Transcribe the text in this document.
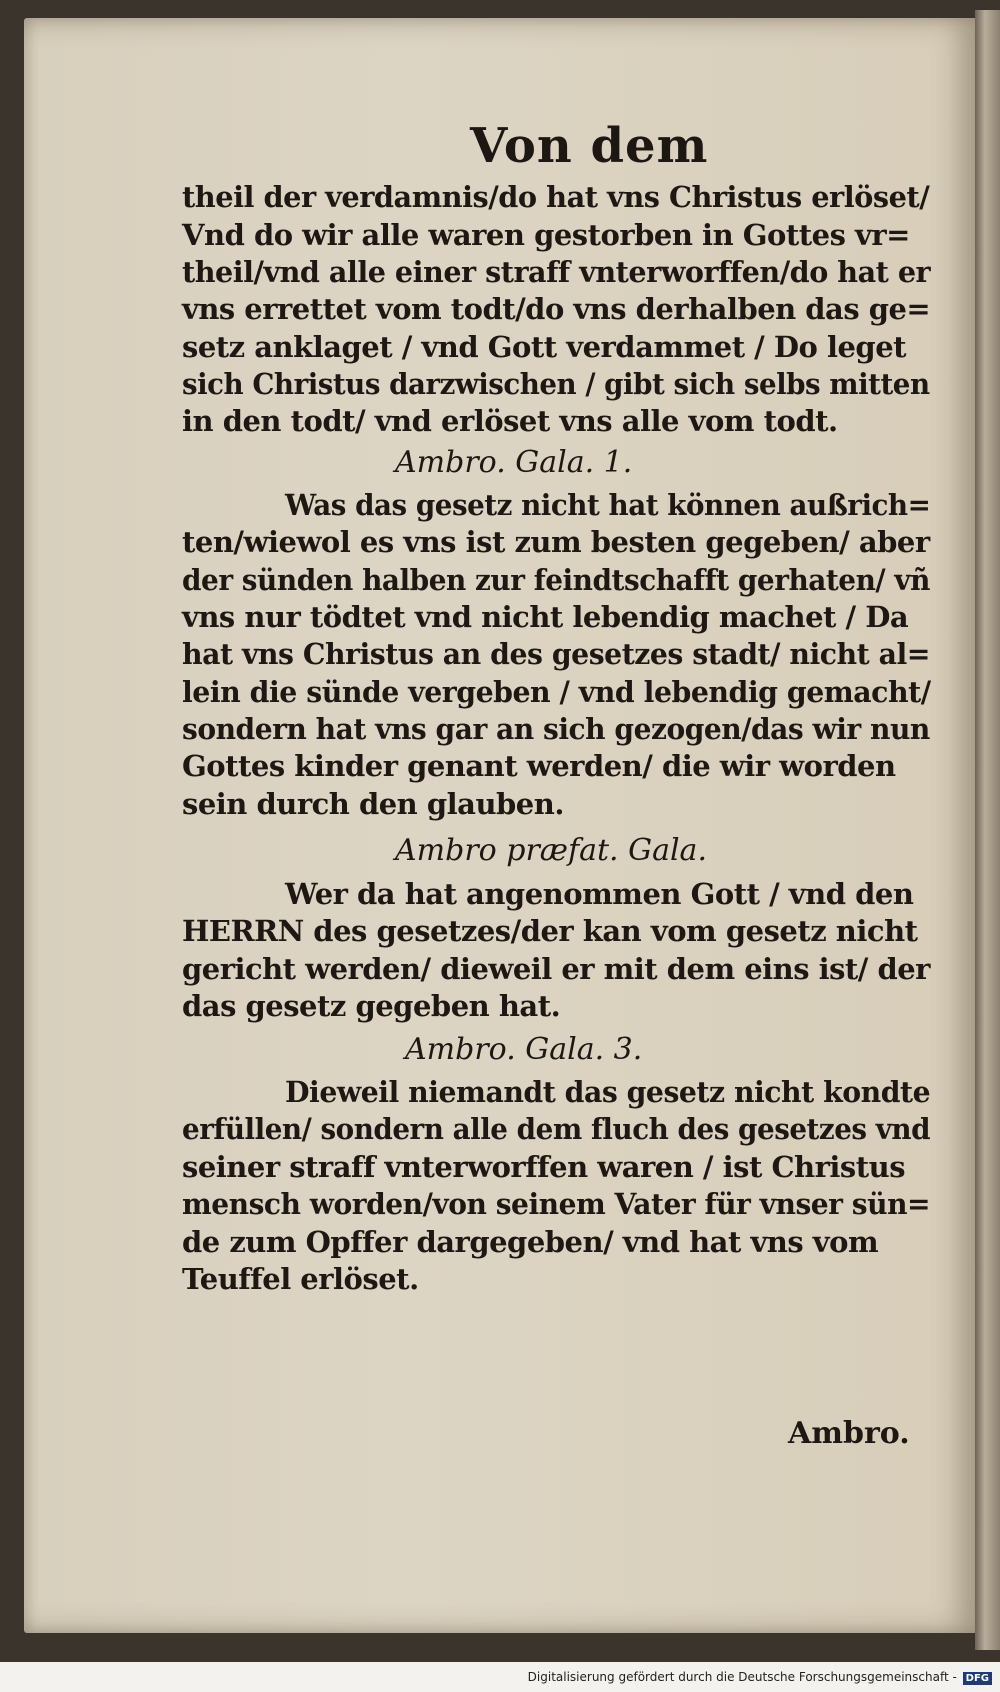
Von dem
theil der verdamnis/do hat vns Christus erlöset/
Vnd do wir alle waren gestorben in Gottes vr=
theil/vnd alle einer straff vnterworffen/do hat er
vns errettet vom todt/do vns derhalben das ge=
setz anklaget / vnd Gott verdammet / Do leget
sich Christus darzwischen / gibt sich selbs mitten
in den todt/ vnd erlöset vns alle vom todt.
Ambro. Gala. 1.
Was das gesetz nicht hat können außrich=
ten/wiewol es vns ist zum besten gegeben/ aber
der sünden halben zur feindtschafft gerhaten/ vñ
vns nur tödtet vnd nicht lebendig machet / Da
hat vns Christus an des gesetzes stadt/ nicht al=
lein die sünde vergeben / vnd lebendig gemacht/
sondern hat vns gar an sich gezogen/das wir nun
Gottes kinder genant werden/ die wir worden
sein durch den glauben.
Ambro præfat. Gala.
Wer da hat angenommen Gott / vnd den
HERRN des gesetzes/der kan vom gesetz nicht
gericht werden/ dieweil er mit dem eins ist/ der
das gesetz gegeben hat.
Ambro. Gala. 3.
Dieweil niemandt das gesetz nicht kondte
erfüllen/ sondern alle dem fluch des gesetzes vnd
seiner straff vnterworffen waren / ist Christus
mensch worden/von seinem Vater für vnser sün=
de zum Opffer dargegeben/ vnd hat vns vom
Teuffel erlöset.
Ambro.
Digitalisierung gefördert durch die Deutsche Forschungsgemeinschaft - DFG
